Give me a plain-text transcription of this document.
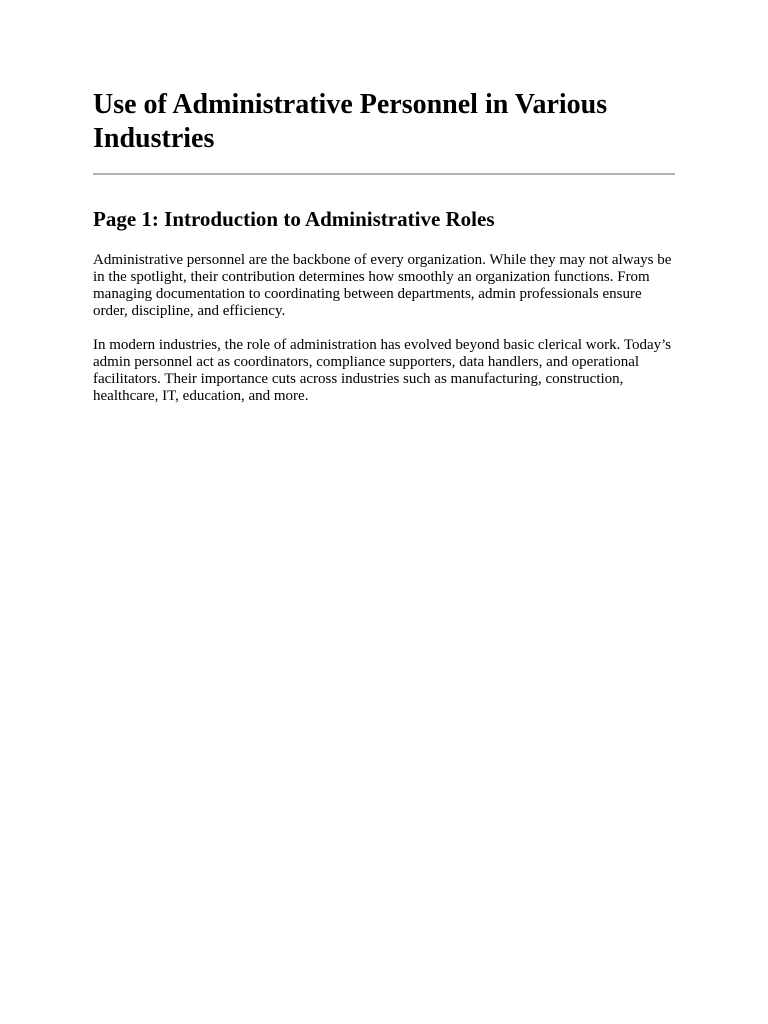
Use of Administrative Personnel in Various Industries
Page 1: Introduction to Administrative Roles

Administrative personnel are the backbone of every organization. While they may not always be in the spotlight, their contribution determines how smoothly an organization functions. From managing documentation to coordinating between departments, admin professionals ensure order, discipline, and efficiency.

In modern industries, the role of administration has evolved beyond basic clerical work. Today’s admin personnel act as coordinators, compliance supporters, data handlers, and operational facilitators. Their importance cuts across industries such as manufacturing, construction, healthcare, IT, education, and more.
